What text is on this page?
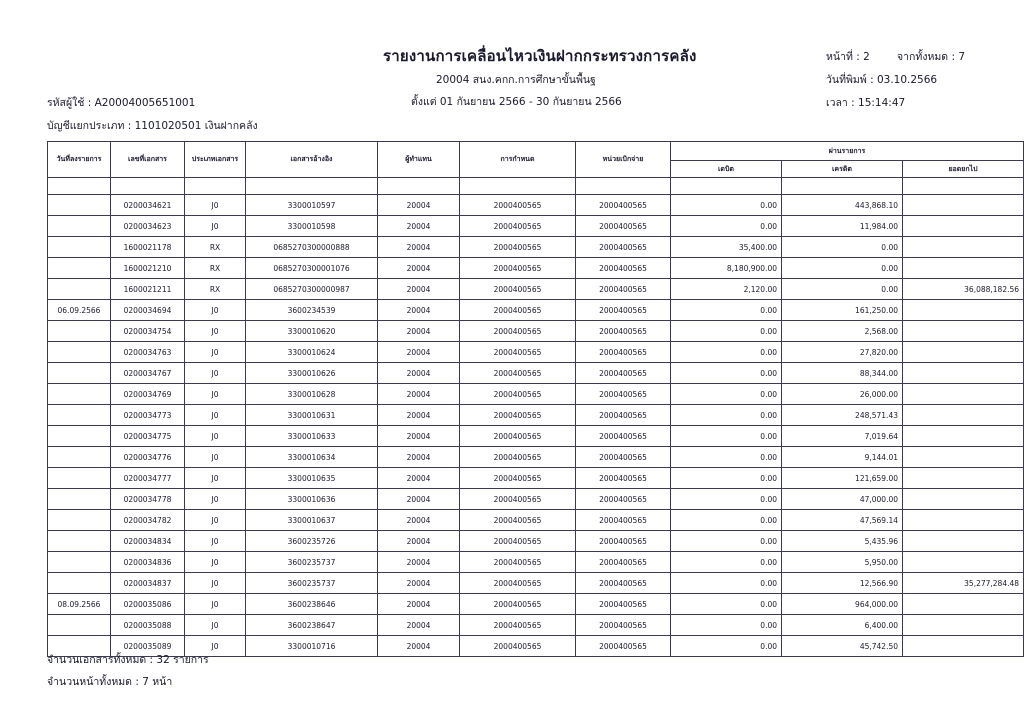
รายงานการเคลื่อนไหวเงินฝากกระทรวงการคลัง
20004 สนง.คกก.การศึกษาขั้นพื้นฐ
ตั้งแต่ 01 กันยายน 2566 - 30 กันยายน 2566
รหัสผู้ใช้ : A20004005651001
บัญชีแยกประเภท : 1101020501 เงินฝากคลัง
หน้าที่ : 2	จากทั้งหมด : 7
วันที่พิมพ์ : 03.10.2566
เวลา : 15:14:47
วันที่ลงรายการ	เลขที่เอกสาร	ประเภทเอกสาร	เอกสารอ้างอิง	ผู้ทำแทน	การกำหนด	หน่วยเบิกจ่าย	ผ่านรายการ		
							เดบิต	เครดิต	ยอดยกไป

	0200034621	J0	3300010597	20004	2000400565	2000400565	0.00	443,868.10	
	0200034623	J0	3300010598	20004	2000400565	2000400565	0.00	11,984.00	
	1600021178	RX	0685270300000888	20004	2000400565	2000400565	35,400.00	0.00	
	1600021210	RX	0685270300001076	20004	2000400565	2000400565	8,180,900.00	0.00	
	1600021211	RX	0685270300000987	20004	2000400565	2000400565	2,120.00	0.00	36,088,182.56
06.09.2566	0200034694	J0	3600234539	20004	2000400565	2000400565	0.00	161,250.00	
	0200034754	J0	3300010620	20004	2000400565	2000400565	0.00	2,568.00	
	0200034763	J0	3300010624	20004	2000400565	2000400565	0.00	27,820.00	
	0200034767	J0	3300010626	20004	2000400565	2000400565	0.00	88,344.00	
	0200034769	J0	3300010628	20004	2000400565	2000400565	0.00	26,000.00	
	0200034773	J0	3300010631	20004	2000400565	2000400565	0.00	248,571.43	
	0200034775	J0	3300010633	20004	2000400565	2000400565	0.00	7,019.64	
	0200034776	J0	3300010634	20004	2000400565	2000400565	0.00	9,144.01	
	0200034777	J0	3300010635	20004	2000400565	2000400565	0.00	121,659.00	
	0200034778	J0	3300010636	20004	2000400565	2000400565	0.00	47,000.00	
	0200034782	J0	3300010637	20004	2000400565	2000400565	0.00	47,569.14	
	0200034834	J0	3600235726	20004	2000400565	2000400565	0.00	5,435.96	
	0200034836	J0	3600235737	20004	2000400565	2000400565	0.00	5,950.00	
	0200034837	J0	3600235737	20004	2000400565	2000400565	0.00	12,566.90	35,277,284.48
08.09.2566	0200035086	J0	3600238646	20004	2000400565	2000400565	0.00	964,000.00	
	0200035088	J0	3600238647	20004	2000400565	2000400565	0.00	6,400.00	
	0200035089	J0	3300010716	20004	2000400565	2000400565	0.00	45,742.50	
จำนวนเอกสารทั้งหมด : 32 รายการ
จำนวนหน้าทั้งหมด : 7 หน้า
